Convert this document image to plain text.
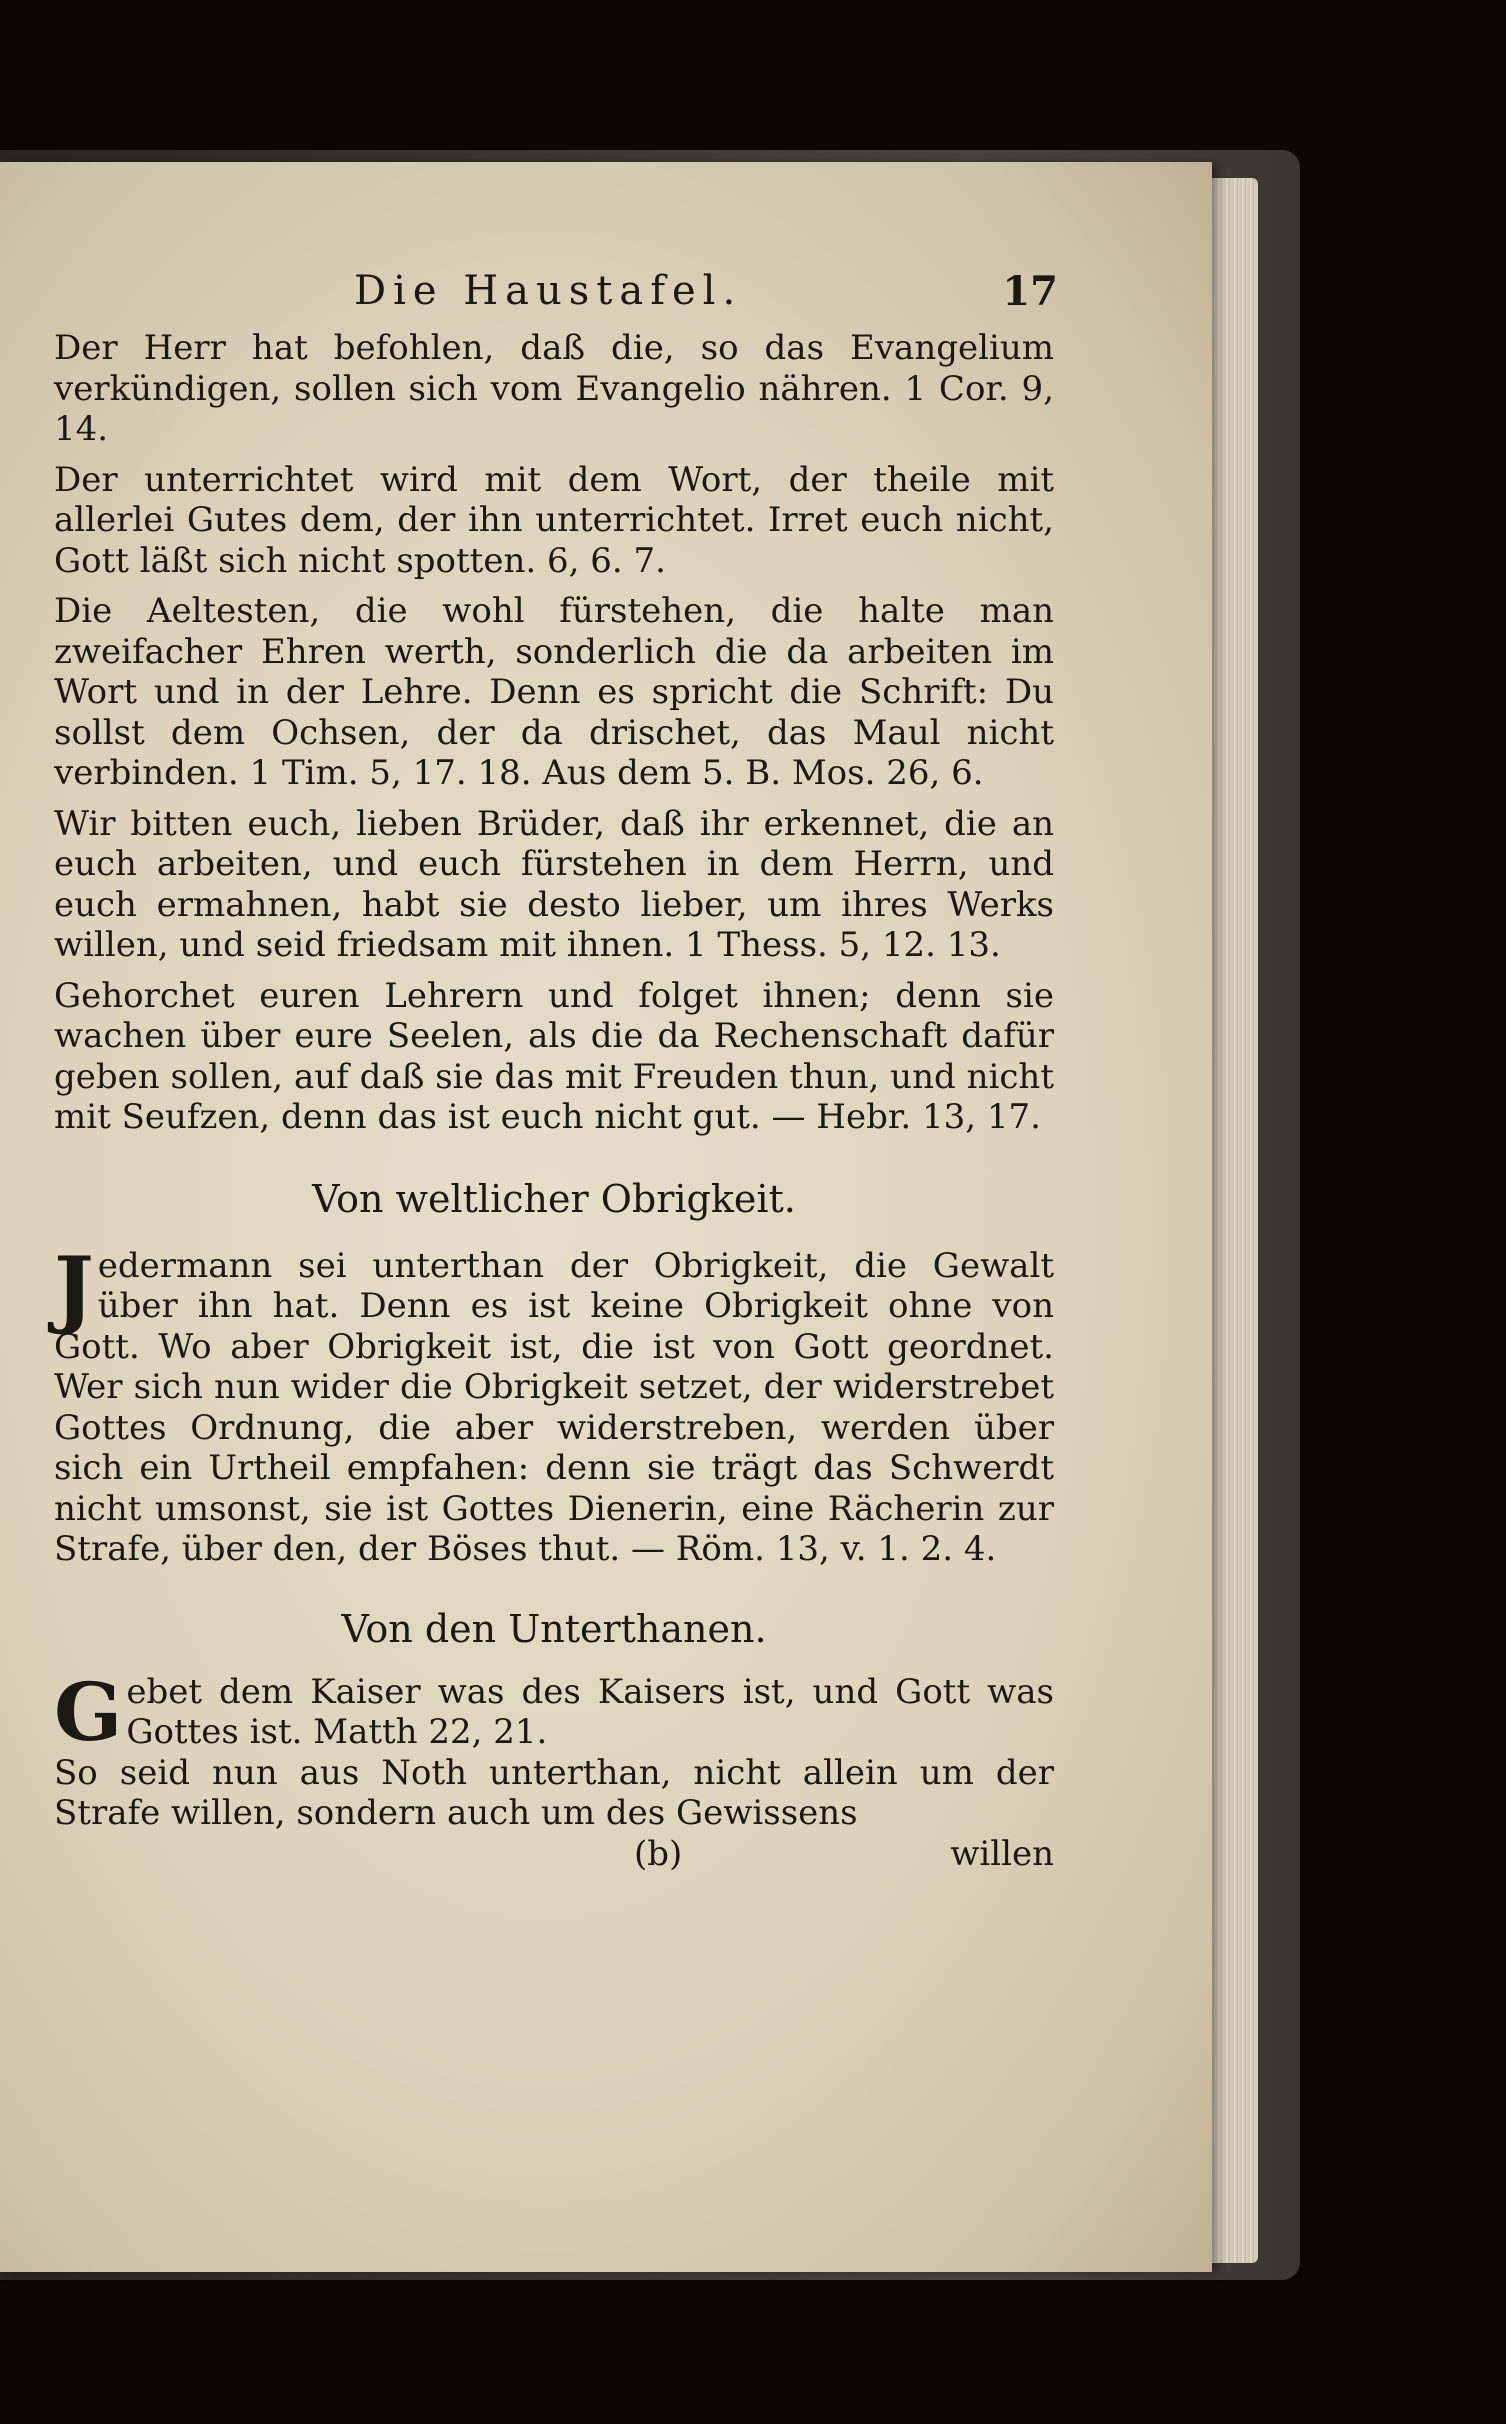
Die Haustafel.	17

Der Herr hat befohlen, daß die, so das Evangelium verkündigen, sollen sich vom Evangelio nähren. 1 Cor. 9, 14.

Der unterrichtet wird mit dem Wort, der theile mit allerlei Gutes dem, der ihn unterrichtet. Irret euch nicht, Gott läßt sich nicht spotten. 6, 6. 7.

Die Aeltesten, die wohl fürstehen, die halte man zweifacher Ehren werth, sonderlich die da arbeiten im Wort und in der Lehre. Denn es spricht die Schrift: Du sollst dem Ochsen, der da drischet, das Maul nicht verbinden. 1 Tim. 5, 17. 18. Aus dem 5. B. Mos. 26, 6.

Wir bitten euch, lieben Brüder, daß ihr erkennet, die an euch arbeiten, und euch fürstehen in dem Herrn, und euch ermahnen, habt sie desto lieber, um ihres Werks willen, und seid friedsam mit ihnen. 1 Thess. 5, 12. 13.

Gehorchet euren Lehrern und folget ihnen; denn sie wachen über eure Seelen, als die da Rechenschaft dafür geben sollen, auf daß sie das mit Freuden thun, und nicht mit Seufzen, denn das ist euch nicht gut. — Hebr. 13, 17.

Von weltlicher Obrigkeit.

Jedermann sei unterthan der Obrigkeit, die Gewalt über ihn hat. Denn es ist keine Obrigkeit ohne von Gott. Wo aber Obrigkeit ist, die ist von Gott geordnet. Wer sich nun wider die Obrigkeit setzet, der widerstrebet Gottes Ordnung, die aber widerstreben, werden über sich ein Urtheil empfahen: denn sie trägt das Schwerdt nicht umsonst, sie ist Gottes Dienerin, eine Rächerin zur Strafe, über den, der Böses thut. — Röm. 13, v. 1. 2. 4.

Von den Unterthanen.

Gebet dem Kaiser was des Kaisers ist, und Gott was Gottes ist. Matth 22, 21.

So seid nun aus Noth unterthan, nicht allein um der Strafe willen, sondern auch um des Gewissens

(b)	willen
